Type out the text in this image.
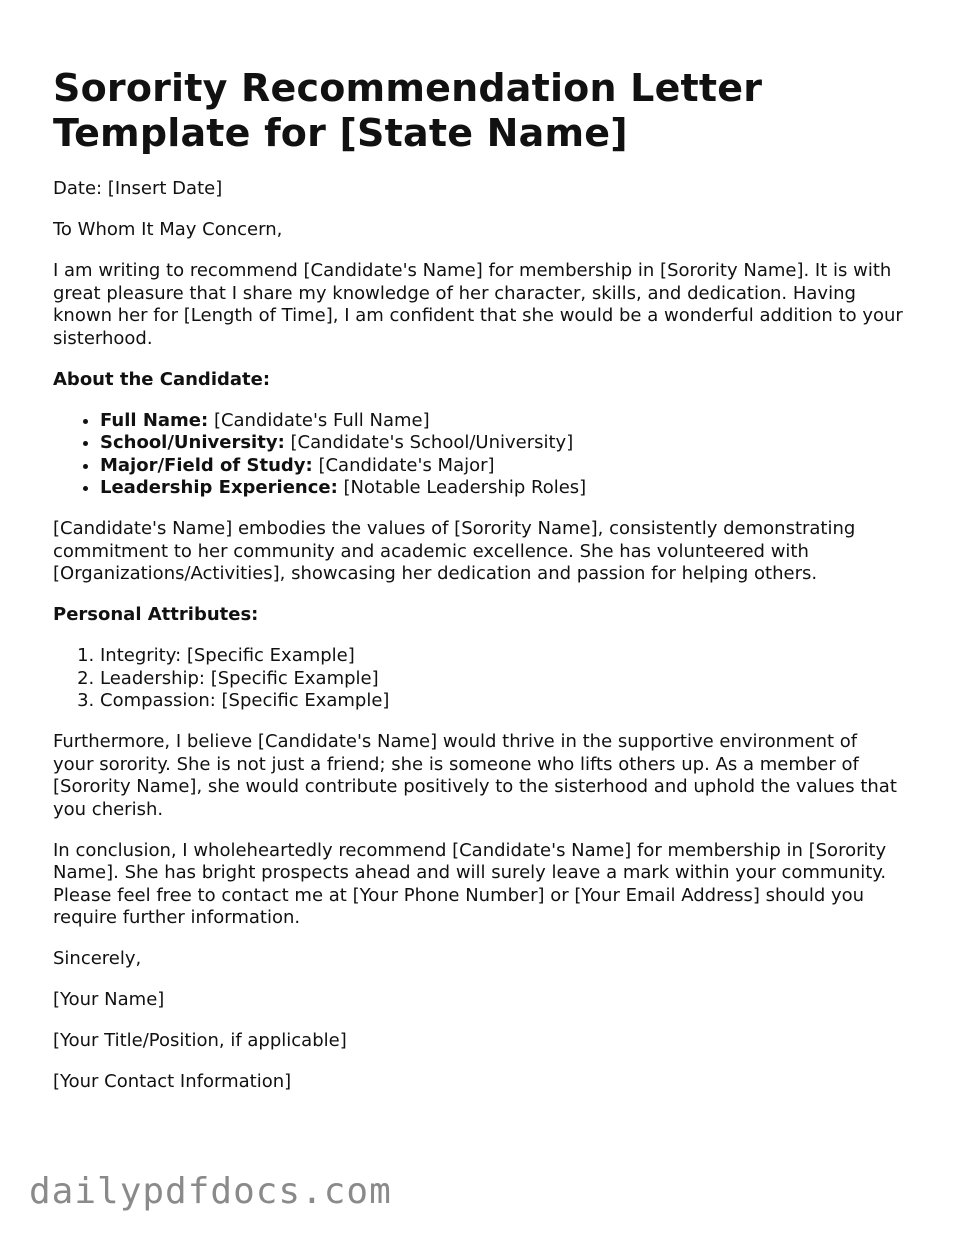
Sorority Recommendation Letter Template for [State Name]

Date: [Insert Date]

To Whom It May Concern,

I am writing to recommend [Candidate's Name] for membership in [Sorority Name]. It is with great pleasure that I share my knowledge of her character, skills, and dedication. Having known her for [Length of Time], I am confident that she would be a wonderful addition to your sisterhood.

About the Candidate:

• Full Name: [Candidate's Full Name]
• School/University: [Candidate's School/University]
• Major/Field of Study: [Candidate's Major]
• Leadership Experience: [Notable Leadership Roles]

[Candidate's Name] embodies the values of [Sorority Name], consistently demonstrating commitment to her community and academic excellence. She has volunteered with [Organizations/Activities], showcasing her dedication and passion for helping others.

Personal Attributes:

1. Integrity: [Specific Example]
2. Leadership: [Specific Example]
3. Compassion: [Specific Example]

Furthermore, I believe [Candidate's Name] would thrive in the supportive environment of your sorority. She is not just a friend; she is someone who lifts others up. As a member of [Sorority Name], she would contribute positively to the sisterhood and uphold the values that you cherish.

In conclusion, I wholeheartedly recommend [Candidate's Name] for membership in [Sorority Name]. She has bright prospects ahead and will surely leave a mark within your community. Please feel free to contact me at [Your Phone Number] or [Your Email Address] should you require further information.

Sincerely,

[Your Name]

[Your Title/Position, if applicable]

[Your Contact Information]

dailypdfdocs.com
